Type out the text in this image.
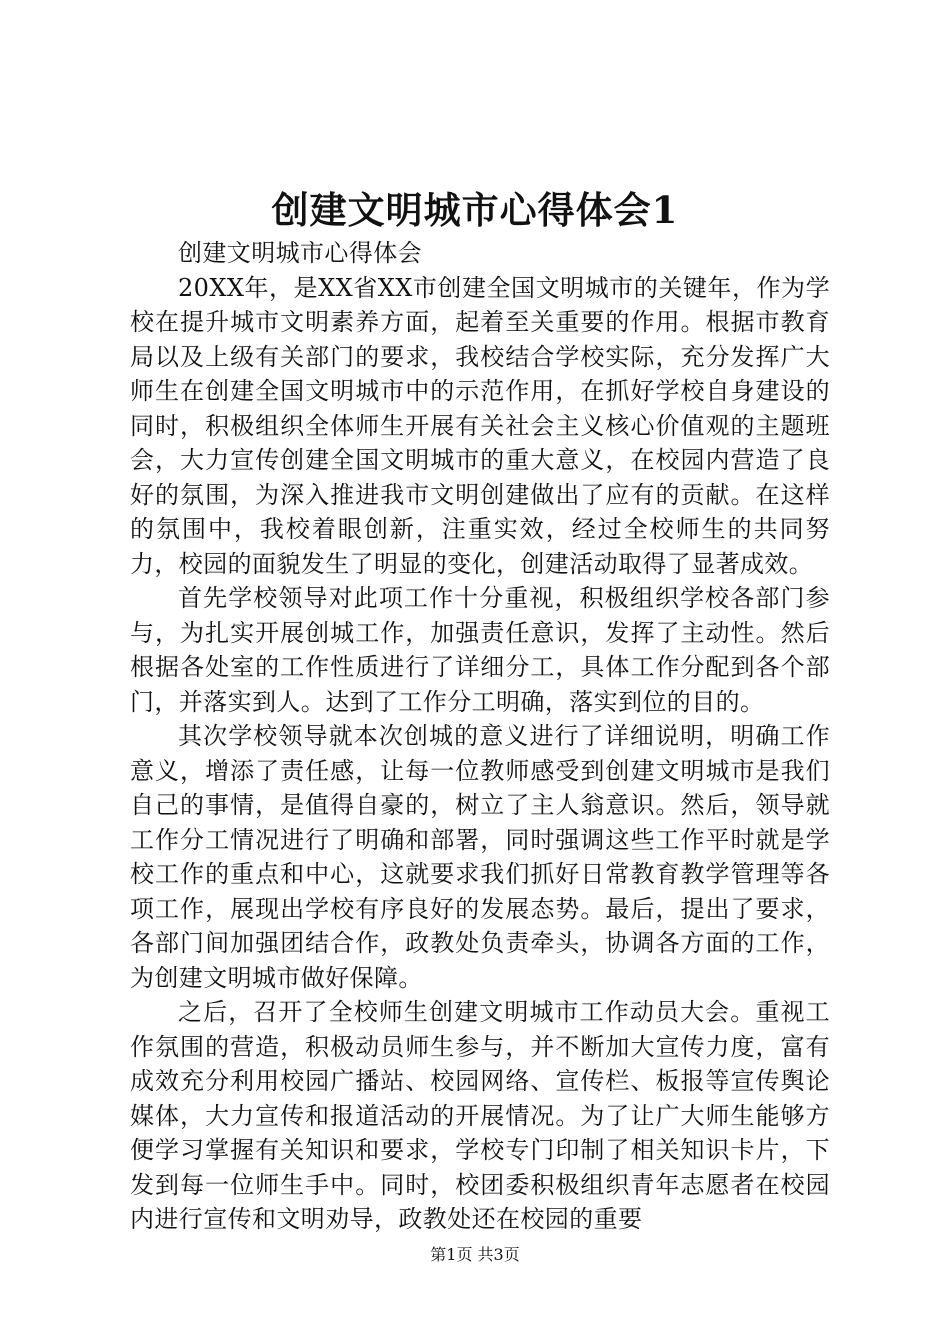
创建文明城市心得体会1

创建文明城市心得体会

20XX年，是XX省XX市创建全国文明城市的关键年，作为学校在提升城市文明素养方面，起着至关重要的作用。根据市教育局以及上级有关部门的要求，我校结合学校实际，充分发挥广大师生在创建全国文明城市中的示范作用，在抓好学校自身建设的同时，积极组织全体师生开展有关社会主义核心价值观的主题班会，大力宣传创建全国文明城市的重大意义，在校园内营造了良好的氛围，为深入推进我市文明创建做出了应有的贡献。在这样的氛围中，我校着眼创新，注重实效，经过全校师生的共同努力，校园的面貌发生了明显的变化，创建活动取得了显著成效。

首先学校领导对此项工作十分重视，积极组织学校各部门参与，为扎实开展创城工作，加强责任意识，发挥了主动性。然后根据各处室的工作性质进行了详细分工，具体工作分配到各个部门，并落实到人。达到了工作分工明确，落实到位的目的。

其次学校领导就本次创城的意义进行了详细说明，明确工作意义，增添了责任感，让每一位教师感受到创建文明城市是我们自己的事情，是值得自豪的，树立了主人翁意识。然后，领导就工作分工情况进行了明确和部署，同时强调这些工作平时就是学校工作的重点和中心，这就要求我们抓好日常教育教学管理等各项工作，展现出学校有序良好的发展态势。最后，提出了要求，各部门间加强团结合作，政教处负责牵头，协调各方面的工作，为创建文明城市做好保障。

之后，召开了全校师生创建文明城市工作动员大会。重视工作氛围的营造，积极动员师生参与，并不断加大宣传力度，富有成效充分利用校园广播站、校园网络、宣传栏、板报等宣传舆论媒体，大力宣传和报道活动的开展情况。为了让广大师生能够方便学习掌握有关知识和要求，学校专门印制了相关知识卡片，下发到每一位师生手中。同时，校团委积极组织青年志愿者在校园内进行宣传和文明劝导，政教处还在校园的重要

第1页 共3页
